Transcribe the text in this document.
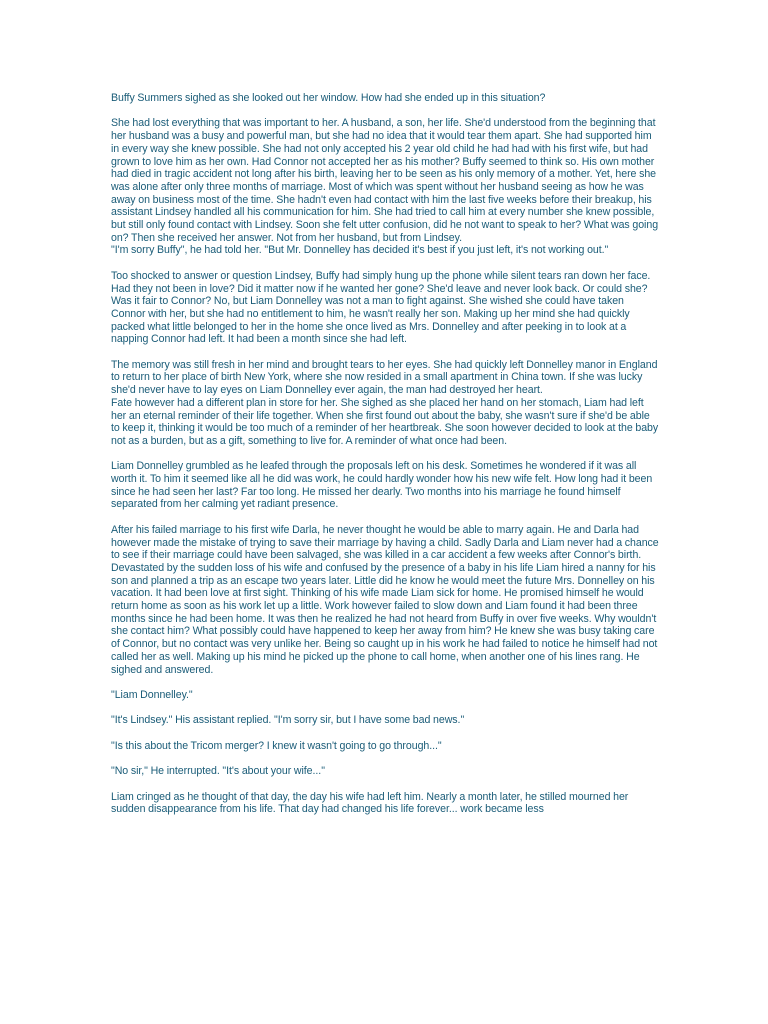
Buffy Summers sighed as she looked out her window. How had she ended up in this situation?

She had lost everything that was important to her. A husband, a son, her life. She'd understood from the beginning that her husband was a busy and powerful man, but she had no idea that it would tear them apart. She had supported him in every way she knew possible. She had not only accepted his 2 year old child he had had with his first wife, but had grown to love him as her own. Had Connor not accepted her as his mother? Buffy seemed to think so. His own mother had died in tragic accident not long after his birth, leaving her to be seen as his only memory of a mother. Yet, here she was alone after only three months of marriage. Most of which was spent without her husband seeing as how he was away on business most of the time. She hadn't even had contact with him the last five weeks before their breakup, his assistant Lindsey handled all his communication for him. She had tried to call him at every number she knew possible, but still only found contact with Lindsey. Soon she felt utter confusion, did he not want to speak to her? What was going on? Then she received her answer. Not from her husband, but from Lindsey.

"I'm sorry Buffy", he had told her. "But Mr. Donnelley has decided it's best if you just left, it's not working out."

Too shocked to answer or question Lindsey, Buffy had simply hung up the phone while silent tears ran down her face. Had they not been in love? Did it matter now if he wanted her gone? She'd leave and never look back. Or could she? Was it fair to Connor? No, but Liam Donnelley was not a man to fight against. She wished she could have taken Connor with her, but she had no entitlement to him, he wasn't really her son. Making up her mind she had quickly packed what little belonged to her in the home she once lived as Mrs. Donnelley and after peeking in to look at a napping Connor had left. It had been a month since she had left.

The memory was still fresh in her mind and brought tears to her eyes. She had quickly left Donnelley manor in England to return to her place of birth New York, where she now resided in a small apartment in China town. If she was lucky she'd never have to lay eyes on Liam Donnelley ever again, the man had destroyed her heart.

Fate however had a different plan in store for her. She sighed as she placed her hand on her stomach, Liam had left her an eternal reminder of their life together. When she first found out about the baby, she wasn't sure if she'd be able to keep it, thinking it would be too much of a reminder of her heartbreak. She soon however decided to look at the baby not as a burden, but as a gift, something to live for. A reminder of what once had been.

Liam Donnelley grumbled as he leafed through the proposals left on his desk. Sometimes he wondered if it was all worth it. To him it seemed like all he did was work, he could hardly wonder how his new wife felt. How long had it been since he had seen her last? Far too long. He missed her dearly. Two months into his marriage he found himself separated from her calming yet radiant presence.

After his failed marriage to his first wife Darla, he never thought he would be able to marry again. He and Darla had however made the mistake of trying to save their marriage by having a child. Sadly Darla and Liam never had a chance to see if their marriage could have been salvaged, she was killed in a car accident a few weeks after Connor's birth. Devastated by the sudden loss of his wife and confused by the presence of a baby in his life Liam hired a nanny for his son and planned a trip as an escape two years later. Little did he know he would meet the future Mrs. Donnelley on his vacation. It had been love at first sight. Thinking of his wife made Liam sick for home. He promised himself he would return home as soon as his work let up a little. Work however failed to slow down and Liam found it had been three months since he had been home. It was then he realized he had not heard from Buffy in over five weeks. Why wouldn't she contact him? What possibly could have happened to keep her away from him? He knew she was busy taking care of Connor, but no contact was very unlike her. Being so caught up in his work he had failed to notice he himself had not called her as well. Making up his mind he picked up the phone to call home, when another one of his lines rang. He sighed and answered.

"Liam Donnelley."

"It's Lindsey." His assistant replied. "I'm sorry sir, but I have some bad news."

"Is this about the Tricom merger? I knew it wasn't going to go through..."

"No sir," He interrupted. "It's about your wife..."

Liam cringed as he thought of that day, the day his wife had left him. Nearly a month later, he stilled mourned her sudden disappearance from his life. That day had changed his life forever... work became less
